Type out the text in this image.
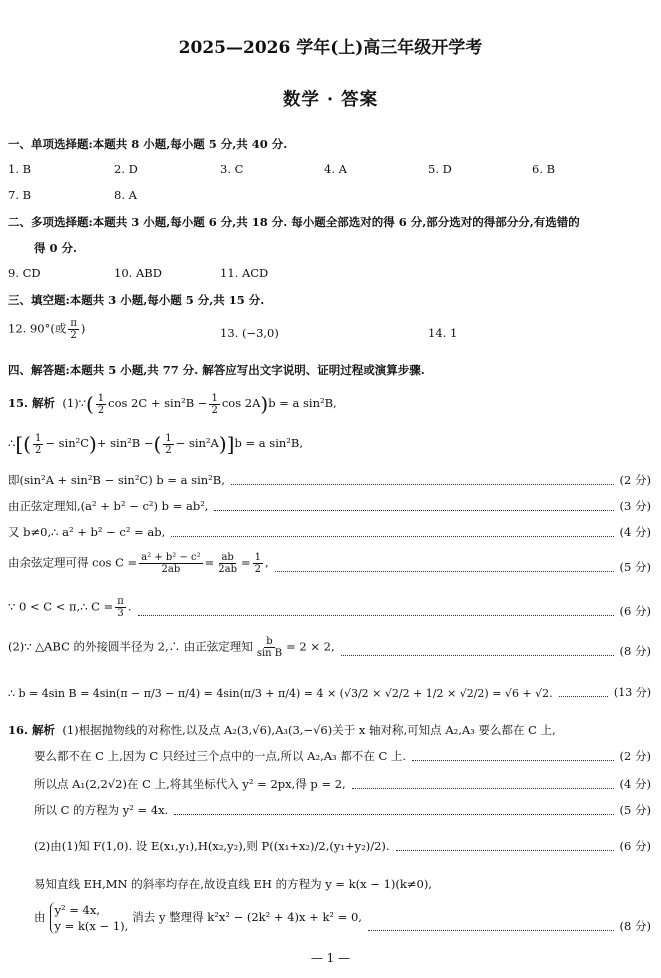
2025—2026 学年(上)高三年级开学考
数学 · 答案
一、单项选择题:本题共 8 小题,每小题 5 分,共 40 分.
1. B	2. D	3. C	4. A	5. D	6. B
7. B	8. A
二、多项选择题:本题共 3 小题,每小题 6 分,共 18 分. 每小题全部选对的得 6 分,部分选对的得部分分,有选错的
得 0 分.
9. CD	10. ABD	11. ACD
三、填空题:本题共 3 小题,每小题 5 分,共 15 分.
12. 90°(或 $\frac{\pi}{2}$ )	13. (−3,0)	14. 1
四、解答题:本题共 5 小题,共 77 分. 解答应写出文字说明、证明过程或演算步骤.
15. 解析 (1)∵( $\frac{1}{2}$ $\cos 2C + \sin^2B - \frac{1}{2}$ cos 2A)b = a sin²B,
∴[( $\frac{1}{2} - \sin^2C)+ \sin^2B$ −( $\frac{1}{2} - \sin^2A)]b = a$ sin²B,
即(sin²A + sin²B − sin²C) b = a sin²B,	(2 分)
由正弦定理知,(a² + b² − c²) b = ab²,	(3 分)
又 b≠0,∴ a² + b² − c² = ab,	(4 分)
由余弦定理可得 $\cos C = \frac{\text{a² + b² − c²}}{2ab} = \frac{ab}{2ab} = \frac{1}{2}$ ,	(5 分)
∵ 0 < C < π,∴ $C = \frac{\pi}{3}$ .	(6 分)
(2)∵ △ABC 的外接圆半径为 2,∴ 由正弦定理知 $\frac{b}{\text{sin B}} = 2 \times 2$,	(8 分)
∴ b = 4sin B = 4sin(π − π/3 − π/4) = 4sin(π/3 + π/4) = 4 × (√3/2 × √2/2 + 1/2 × √2/2) = √6 + √2.	(13 分)
16. 解析 (1)根据抛物线的对称性,以及点 A₂(3,√6),A₃(3,−√6)关于 x 轴对称,可知点 A₂,A₃ 要么都在 C 上,
要么都不在 C 上,因为 C 只经过三个点中的一点,所以 A₂,A₃ 都不在 C 上.	(2 分)
所以点 A₁(2,2√2)在 C 上,将其坐标代入 y² = 2px,得 p = 2,	(4 分)
所以 C 的方程为 y² = 4x.	(5 分)
(2)由(1)知 F(1,0). 设 E(x₁,y₁),H(x₂,y₂),则 P((x₁+x₂)/2,(y₁+y₂)/2).	(6 分)
易知直线 EH,MN 的斜率均存在,故设直线 EH 的方程为 y = k(x − 1)(k≠0),
由 y² = 4x,
y = k(x − 1),
消去 y 整理得 k²x² − (2k² + 4)x + k² = 0,
(8 分)
— 1 —
